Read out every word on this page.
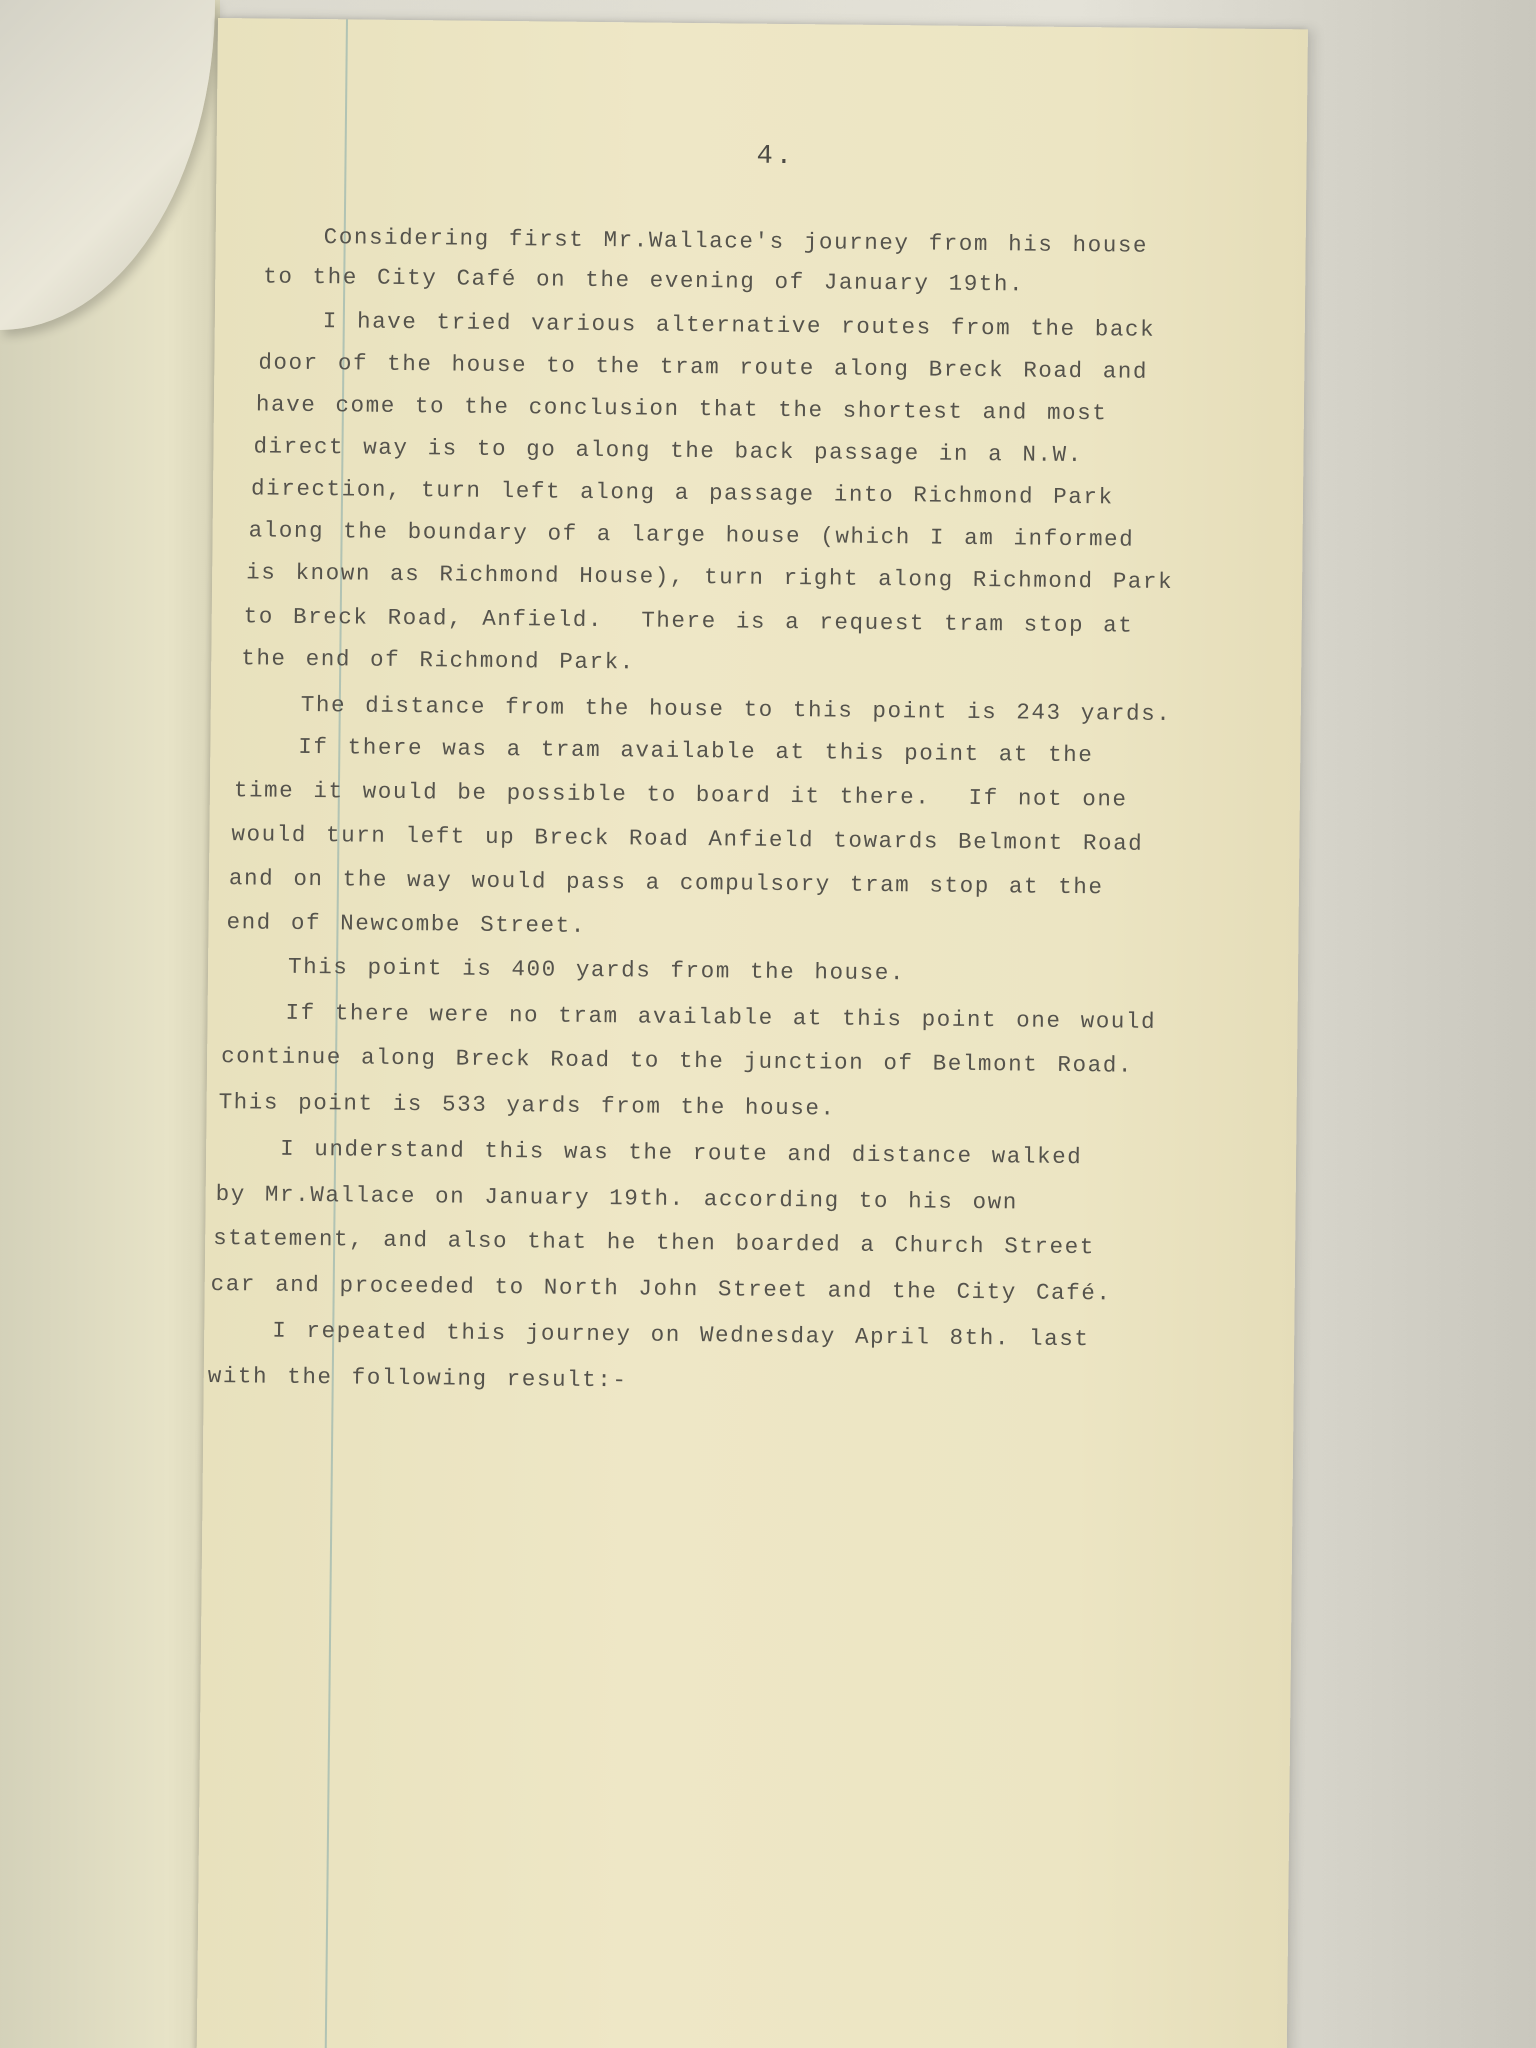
4.
Considering first Mr.Wallace's journey from his house
to the City Café on the evening of January 19th.
I have tried various alternative routes from the back
door of the house to the tram route along Breck Road and
have come to the conclusion that the shortest and most
direct way is to go along the back passage in a N.W.
direction, turn left along a passage into Richmond Park
along the boundary of a large house (which I am informed
is known as Richmond House), turn right along Richmond Park
to Breck Road, Anfield.  There is a request tram stop at
the end of Richmond Park.
The distance from the house to this point is 243 yards.
If there was a tram available at this point at the
time it would be possible to board it there.  If not one
would turn left up Breck Road Anfield towards Belmont Road
and on the way would pass a compulsory tram stop at the
end of Newcombe Street.
This point is 400 yards from the house.
If there were no tram available at this point one would
continue along Breck Road to the junction of Belmont Road.
This point is 533 yards from the house.
I understand this was the route and distance walked
by Mr.Wallace on January 19th. according to his own
statement, and also that he then boarded a Church Street
car and proceeded to North John Street and the City Café.
I repeated this journey on Wednesday April 8th. last
with the following result:-
